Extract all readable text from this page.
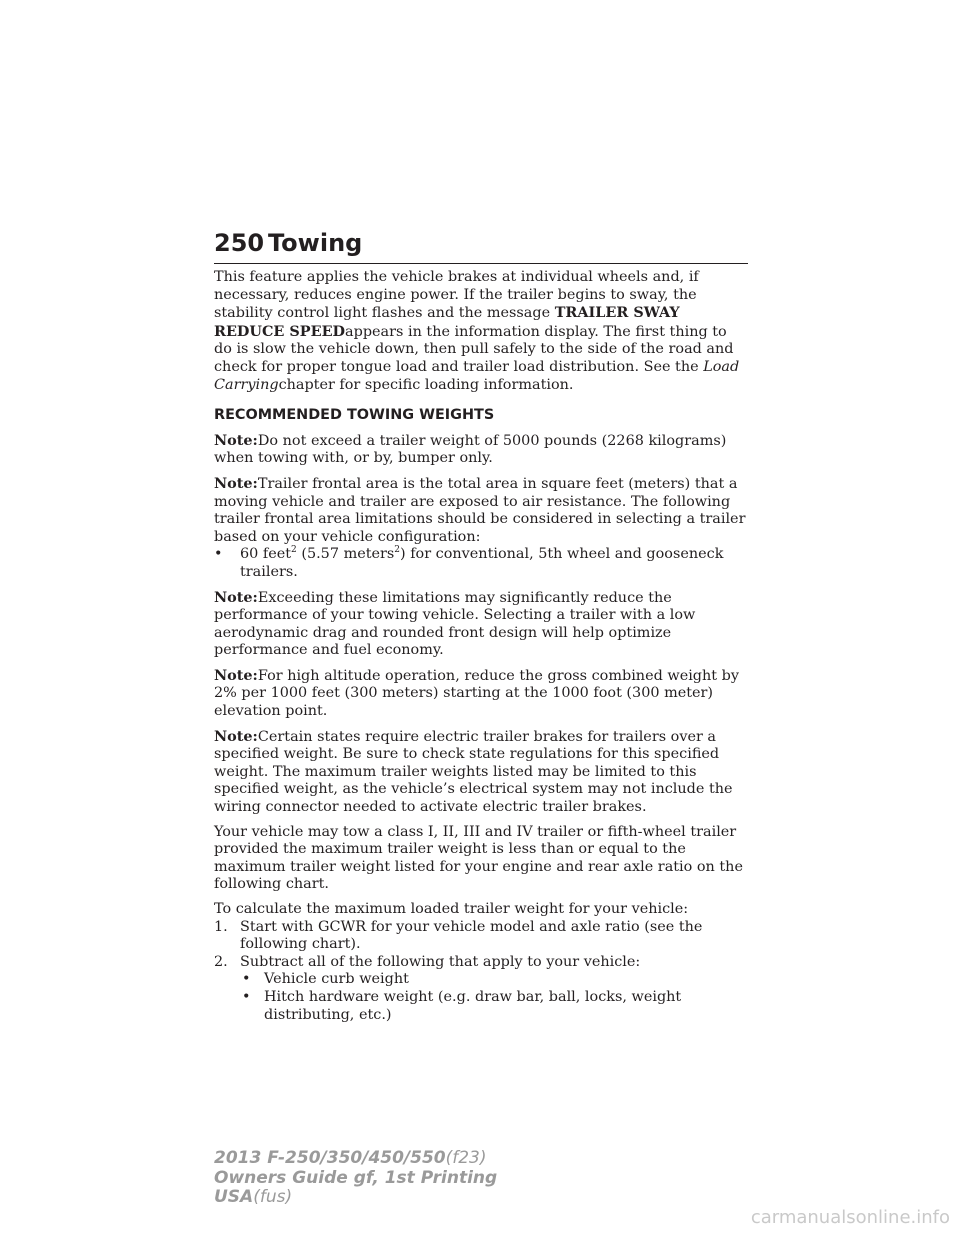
250 Towing

This feature applies the vehicle brakes at individual wheels and, if necessary, reduces engine power. If the trailer begins to sway, the stability control light flashes and the message TRAILER SWAY REDUCE SPEEDappears in the information display. The first thing to do is slow the vehicle down, then pull safely to the side of the road and check for proper tongue load and trailer load distribution. See the Load Carryingchapter for specific loading information.

RECOMMENDED TOWING WEIGHTS

Note:Do not exceed a trailer weight of 5000 pounds (2268 kilograms) when towing with, or by, bumper only.

Note:Trailer frontal area is the total area in square feet (meters) that a moving vehicle and trailer are exposed to air resistance. The following trailer frontal area limitations should be considered in selecting a trailer based on your vehicle configuration:

•	60 feet$^2$ (5.57 meters$^2$) for conventional, 5th wheel and gooseneck trailers.

Note:Exceeding these limitations may significantly reduce the performance of your towing vehicle. Selecting a trailer with a low aerodynamic drag and rounded front design will help optimize performance and fuel economy.

Note:For high altitude operation, reduce the gross combined weight by 2% per 1000 feet (300 meters) starting at the 1000 foot (300 meter) elevation point.

Note:Certain states require electric trailer brakes for trailers over a specified weight. Be sure to check state regulations for this specified weight. The maximum trailer weights listed may be limited to this specified weight, as the vehicle’s electrical system may not include the wiring connector needed to activate electric trailer brakes.

Your vehicle may tow a class I, II, III and IV trailer or fifth-wheel trailer provided the maximum trailer weight is less than or equal to the maximum trailer weight listed for your engine and rear axle ratio on the following chart.

To calculate the maximum loaded trailer weight for your vehicle:

1. Start with GCWR for your vehicle model and axle ratio (see the following chart).
2. Subtract all of the following that apply to your vehicle:
• Vehicle curb weight
• Hitch hardware weight (e.g. draw bar, ball, locks, weight distributing, etc.)
2013 F-250/350/450/550(f23)
Owners Guide gf, 1st Printing
USA(fus)
carmanualsonline.info
